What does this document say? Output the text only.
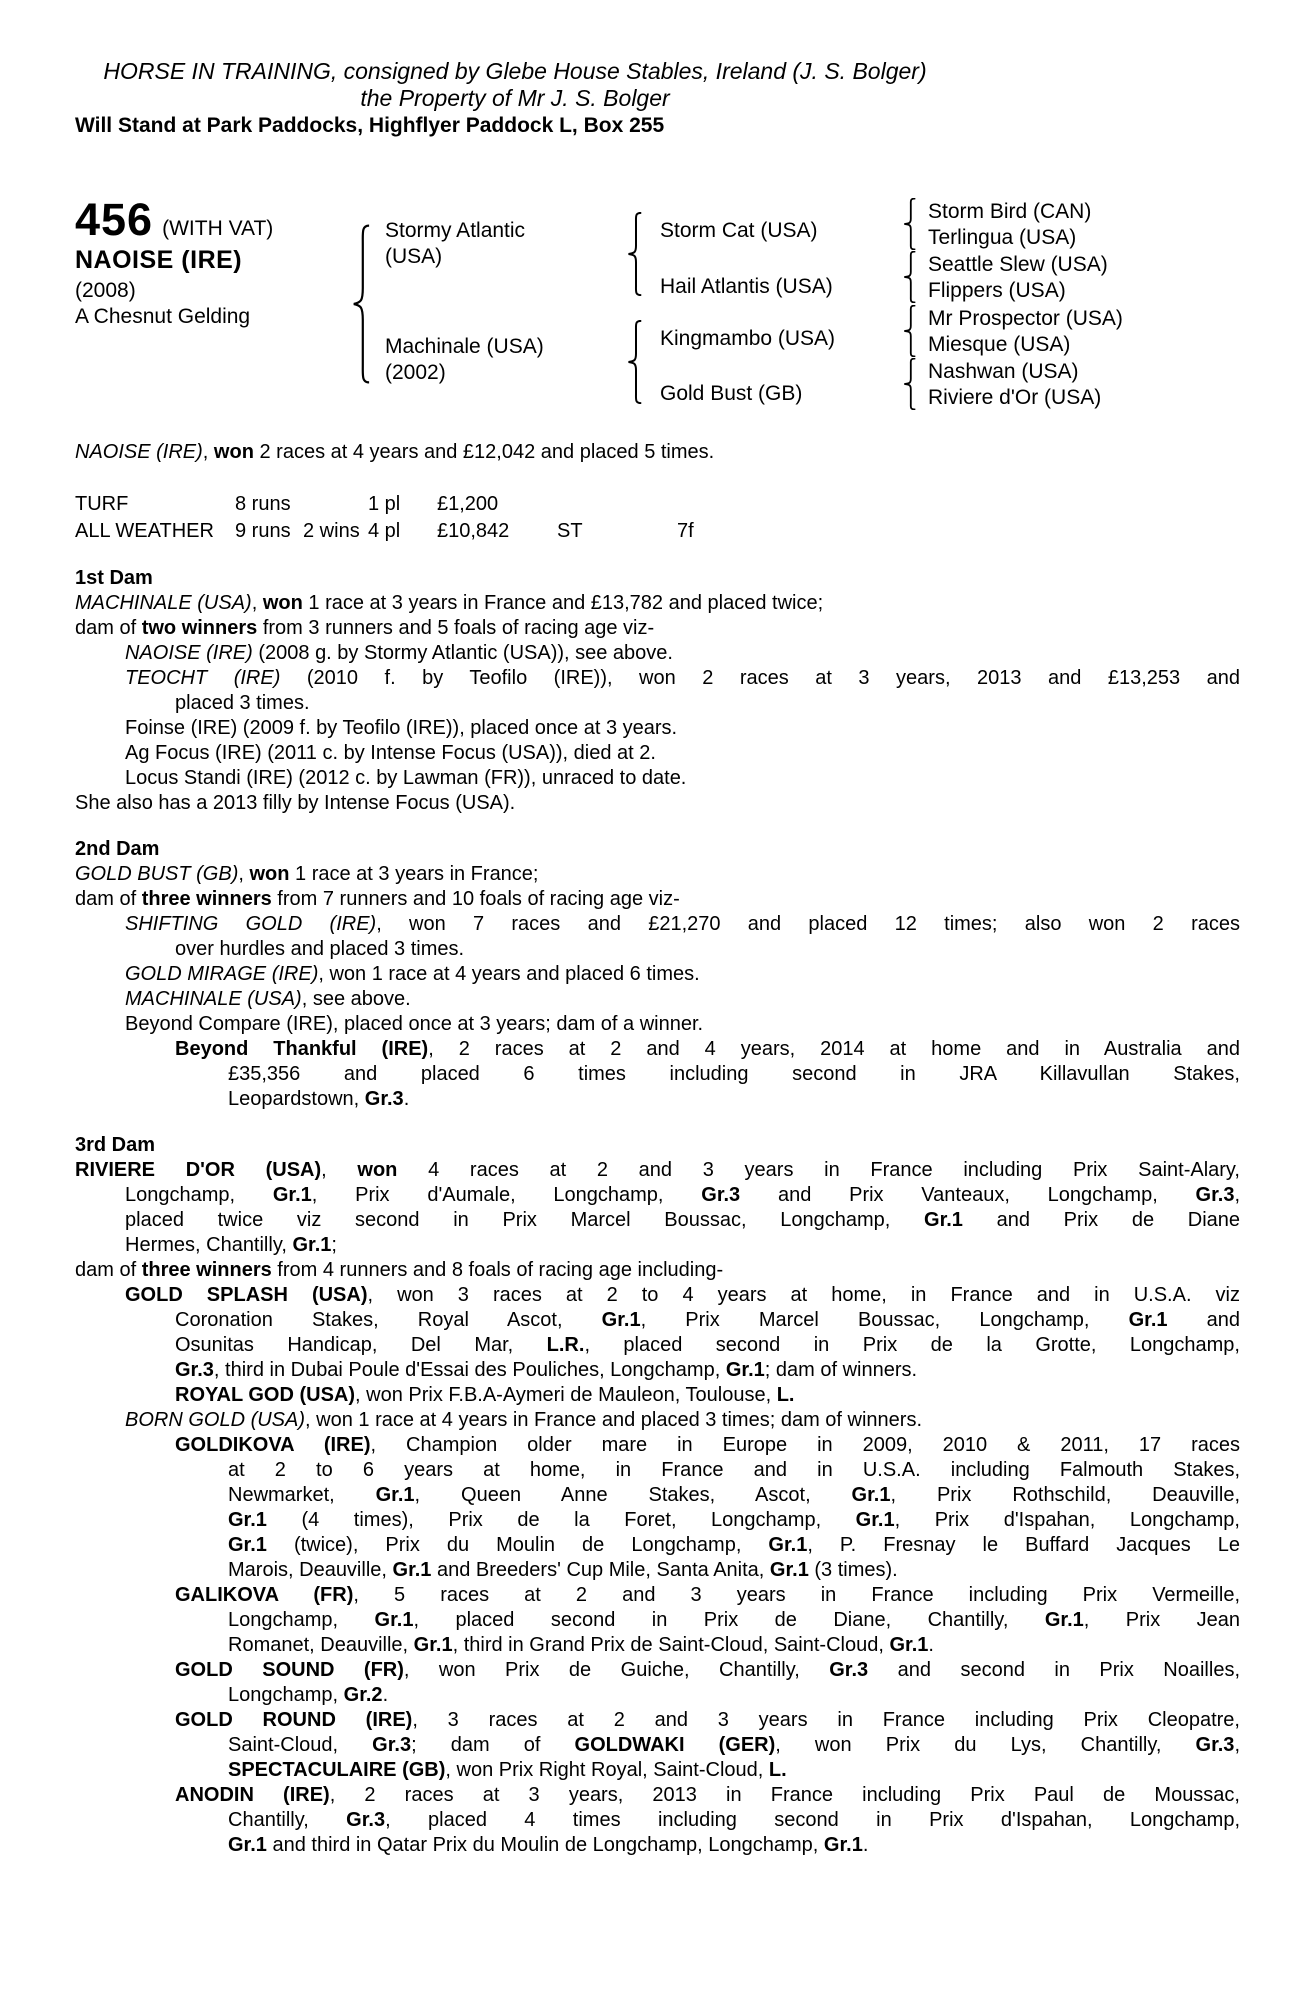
HORSE IN TRAINING, consigned by Glebe House Stables, Ireland (J. S. Bolger)
the Property of Mr J. S. Bolger
Will Stand at Park Paddocks, Highflyer Paddock L, Box 255
456 (WITH VAT)
NAOISE (IRE)
(2008)
A Chesnut Gelding
Stormy Atlantic
(USA)
Machinale (USA)
(2002)
Storm Cat (USA)
Hail Atlantis (USA)
Kingmambo (USA)
Gold Bust (GB)
Storm Bird (CAN)
Terlingua (USA)
Seattle Slew (USA)
Flippers (USA)
Mr Prospector (USA)
Miesque (USA)
Nashwan (USA)
Riviere d'Or (USA)
NAOISE (IRE), won 2 races at 4 years and £12,042 and placed 5 times.
TURF	8 runs	1 pl £1,200
ALL WEATHER 9 runs 2 wins 4 pl £10,842 ST	7f
1st Dam
MACHINALE (USA), won 1 race at 3 years in France and £13,782 and placed twice;
dam of two winners from 3 runners and 5 foals of racing age viz-
NAOISE (IRE) (2008 g. by Stormy Atlantic (USA)), see above.
TEOCHT (IRE) (2010 f. by Teofilo (IRE)), won 2 races at 3 years, 2013 and £13,253 and
placed 3 times.
Foinse (IRE) (2009 f. by Teofilo (IRE)), placed once at 3 years.
Ag Focus (IRE) (2011 c. by Intense Focus (USA)), died at 2.
Locus Standi (IRE) (2012 c. by Lawman (FR)), unraced to date.
She also has a 2013 filly by Intense Focus (USA).
2nd Dam
GOLD BUST (GB), won 1 race at 3 years in France;
dam of three winners from 7 runners and 10 foals of racing age viz-
SHIFTING GOLD (IRE), won 7 races and £21,270 and placed 12 times; also won 2 races
over hurdles and placed 3 times.
GOLD MIRAGE (IRE), won 1 race at 4 years and placed 6 times.
MACHINALE (USA), see above.
Beyond Compare (IRE), placed once at 3 years; dam of a winner.
Beyond Thankful (IRE), 2 races at 2 and 4 years, 2014 at home and in Australia and
£35,356 and placed 6 times including second in JRA Killavullan Stakes,
Leopardstown, Gr.3.
3rd Dam
RIVIERE D'OR (USA), won 4 races at 2 and 3 years in France including Prix Saint-Alary,
Longchamp, Gr.1, Prix d'Aumale, Longchamp, Gr.3 and Prix Vanteaux, Longchamp, Gr.3,
placed twice viz second in Prix Marcel Boussac, Longchamp, Gr.1 and Prix de Diane
Hermes, Chantilly, Gr.1;
dam of three winners from 4 runners and 8 foals of racing age including-
GOLD SPLASH (USA), won 3 races at 2 to 4 years at home, in France and in U.S.A. viz
Coronation Stakes, Royal Ascot, Gr.1, Prix Marcel Boussac, Longchamp, Gr.1 and
Osunitas Handicap, Del Mar, L.R., placed second in Prix de la Grotte, Longchamp,
Gr.3, third in Dubai Poule d'Essai des Pouliches, Longchamp, Gr.1; dam of winners.
ROYAL GOD (USA), won Prix F.B.A-Aymeri de Mauleon, Toulouse, L.
BORN GOLD (USA), won 1 race at 4 years in France and placed 3 times; dam of winners.
GOLDIKOVA (IRE), Champion older mare in Europe in 2009, 2010 & 2011, 17 races
at 2 to 6 years at home, in France and in U.S.A. including Falmouth Stakes,
Newmarket, Gr.1, Queen Anne Stakes, Ascot, Gr.1, Prix Rothschild, Deauville,
Gr.1 (4 times), Prix de la Foret, Longchamp, Gr.1, Prix d'Ispahan, Longchamp,
Gr.1 (twice), Prix du Moulin de Longchamp, Gr.1, P. Fresnay le Buffard Jacques Le
Marois, Deauville, Gr.1 and Breeders' Cup Mile, Santa Anita, Gr.1 (3 times).
GALIKOVA (FR), 5 races at 2 and 3 years in France including Prix Vermeille,
Longchamp, Gr.1, placed second in Prix de Diane, Chantilly, Gr.1, Prix Jean
Romanet, Deauville, Gr.1, third in Grand Prix de Saint-Cloud, Saint-Cloud, Gr.1.
GOLD SOUND (FR), won Prix de Guiche, Chantilly, Gr.3 and second in Prix Noailles,
Longchamp, Gr.2.
GOLD ROUND (IRE), 3 races at 2 and 3 years in France including Prix Cleopatre,
Saint-Cloud, Gr.3; dam of GOLDWAKI (GER), won Prix du Lys, Chantilly, Gr.3,
SPECTACULAIRE (GB), won Prix Right Royal, Saint-Cloud, L.
ANODIN (IRE), 2 races at 3 years, 2013 in France including Prix Paul de Moussac,
Chantilly, Gr.3, placed 4 times including second in Prix d'Ispahan, Longchamp,
Gr.1 and third in Qatar Prix du Moulin de Longchamp, Longchamp, Gr.1.
